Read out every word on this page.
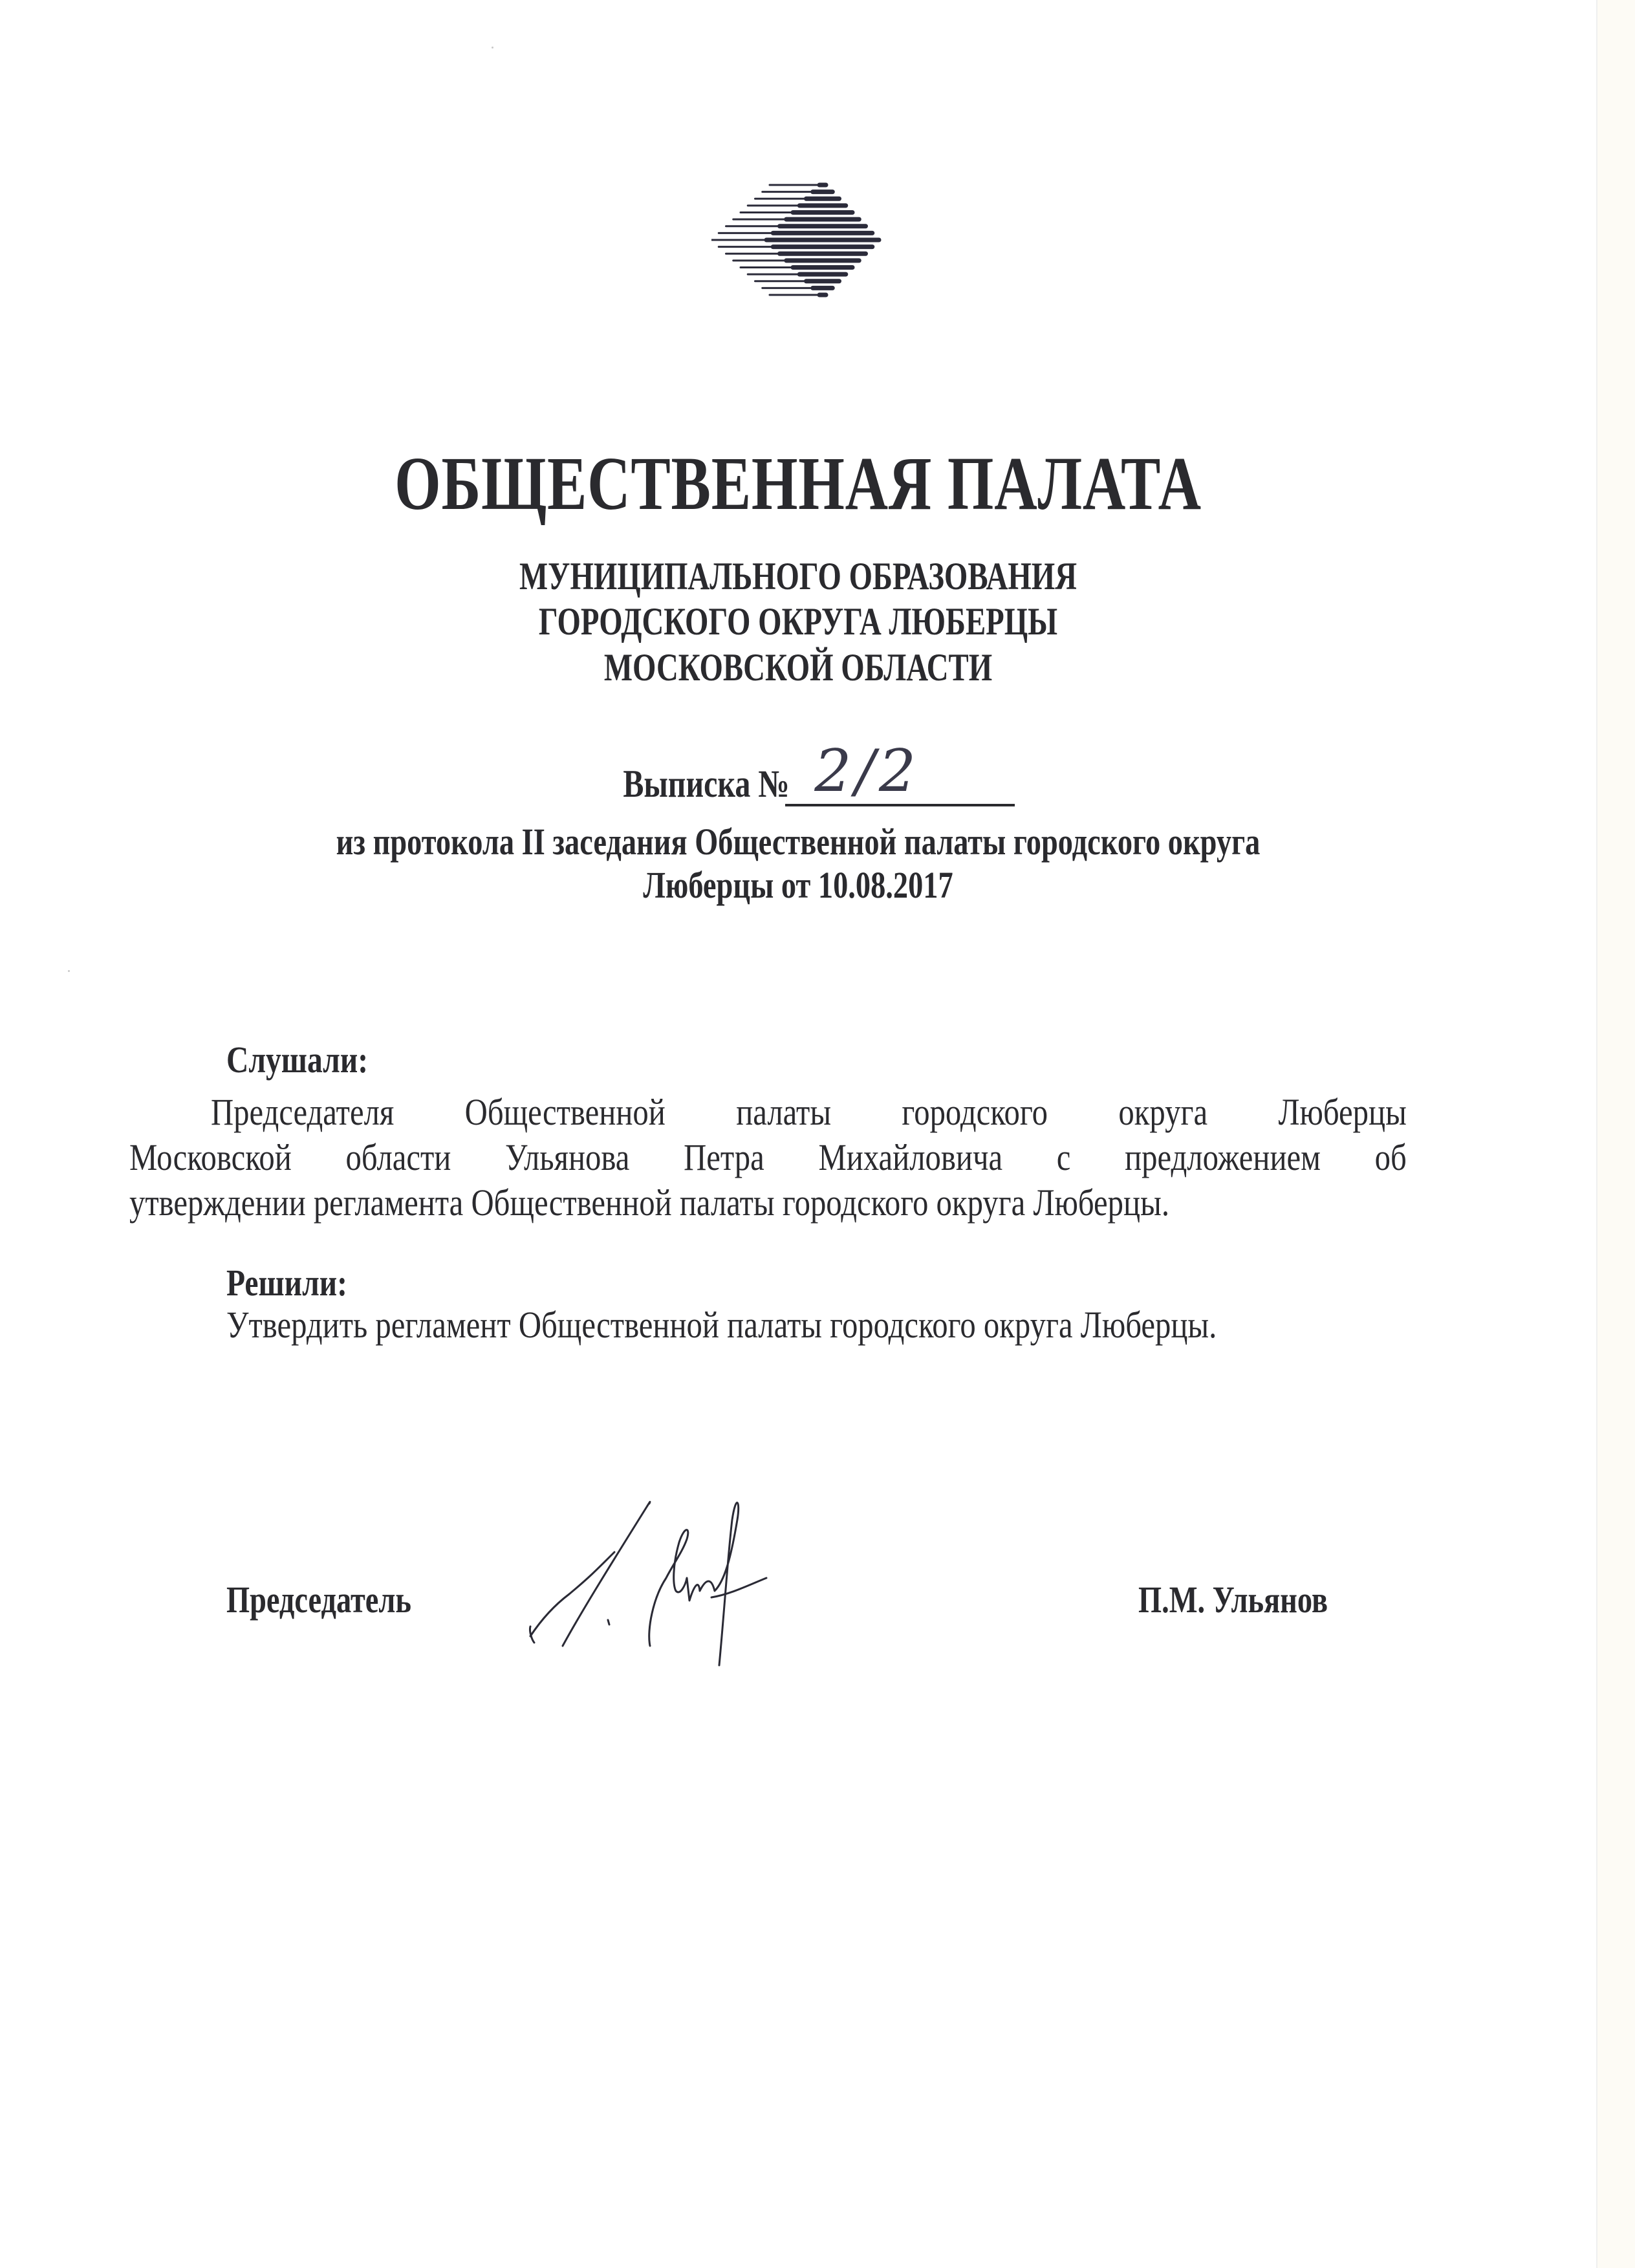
ОБЩЕСТВЕННАЯ ПАЛАТА
МУНИЦИПАЛЬНОГО ОБРАЗОВАНИЯ
ГОРОДСКОГО ОКРУГА ЛЮБЕРЦЫ
МОСКОВСКОЙ ОБЛАСТИ
Выписка № 2/2
из протокола II заседания Общественной палаты городского округа
Люберцы от 10.08.2017
Слушали:
Председателя Общественной палаты городского округа Люберцы
Московской области Ульянова Петра Михайловича с предложением об
утверждении регламента Общественной палаты городского округа Люберцы.
Решили:
Утвердить регламент Общественной палаты городского округа Люберцы.
Председатель	П.М. Ульянов
